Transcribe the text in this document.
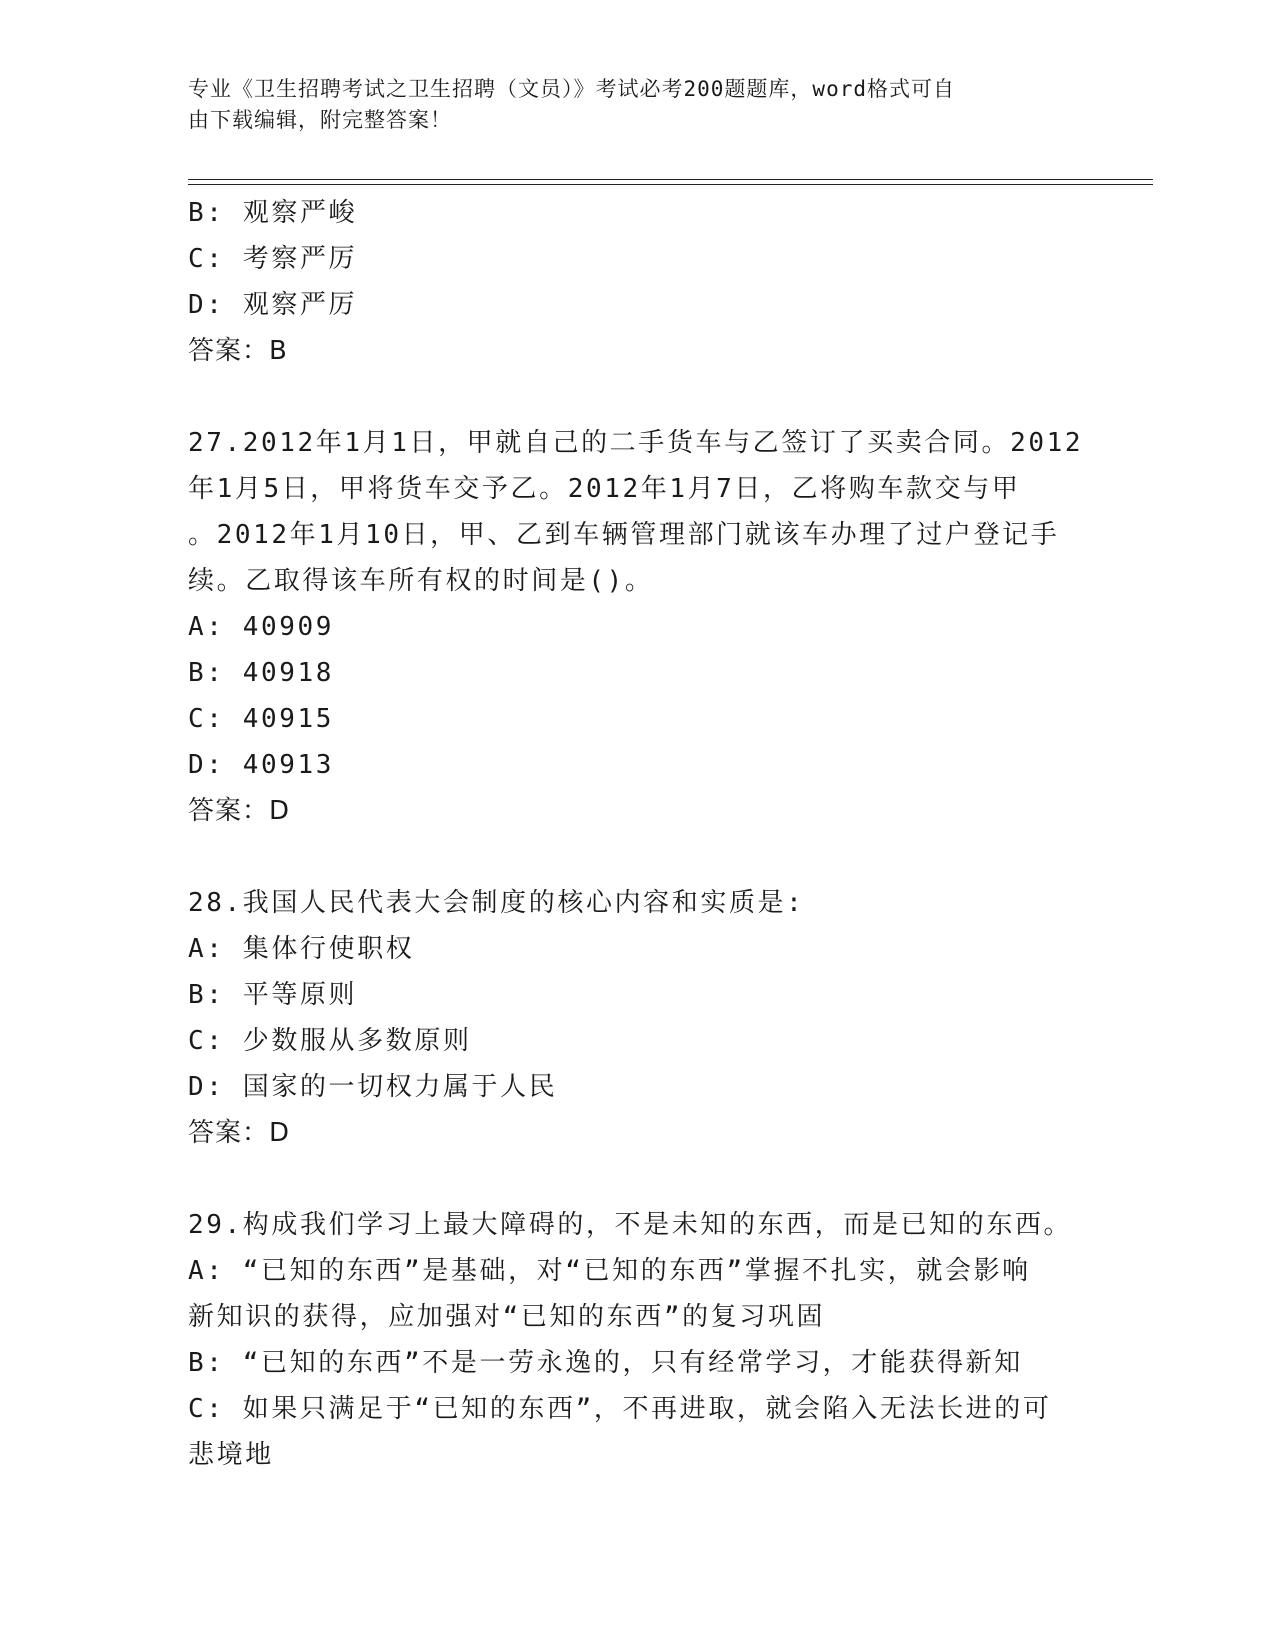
专业《卫生招聘考试之卫生招聘（文员）》考试必考200题题库，word格式可自
由下载编辑，附完整答案！
B: 观察严峻
C: 考察严厉
D: 观察严厉
答案：B
27.2012年1月1日，甲就自己的二手货车与乙签订了买卖合同。2012
年1月5日，甲将货车交予乙。2012年1月7日，乙将购车款交与甲
。2012年1月10日，甲、乙到车辆管理部门就该车办理了过户登记手
续。乙取得该车所有权的时间是()。
A: 40909
B: 40918
C: 40915
D: 40913
答案：D
28.我国人民代表大会制度的核心内容和实质是:
A: 集体行使职权
B: 平等原则
C: 少数服从多数原则
D: 国家的一切权力属于人民
答案：D
29.构成我们学习上最大障碍的，不是未知的东西，而是已知的东西。
A: “已知的东西”是基础，对“已知的东西”掌握不扎实，就会影响
新知识的获得，应加强对“已知的东西”的复习巩固
B: “已知的东西”不是一劳永逸的，只有经常学习，才能获得新知
C: 如果只满足于“已知的东西”，不再进取，就会陷入无法长进的可
悲境地
